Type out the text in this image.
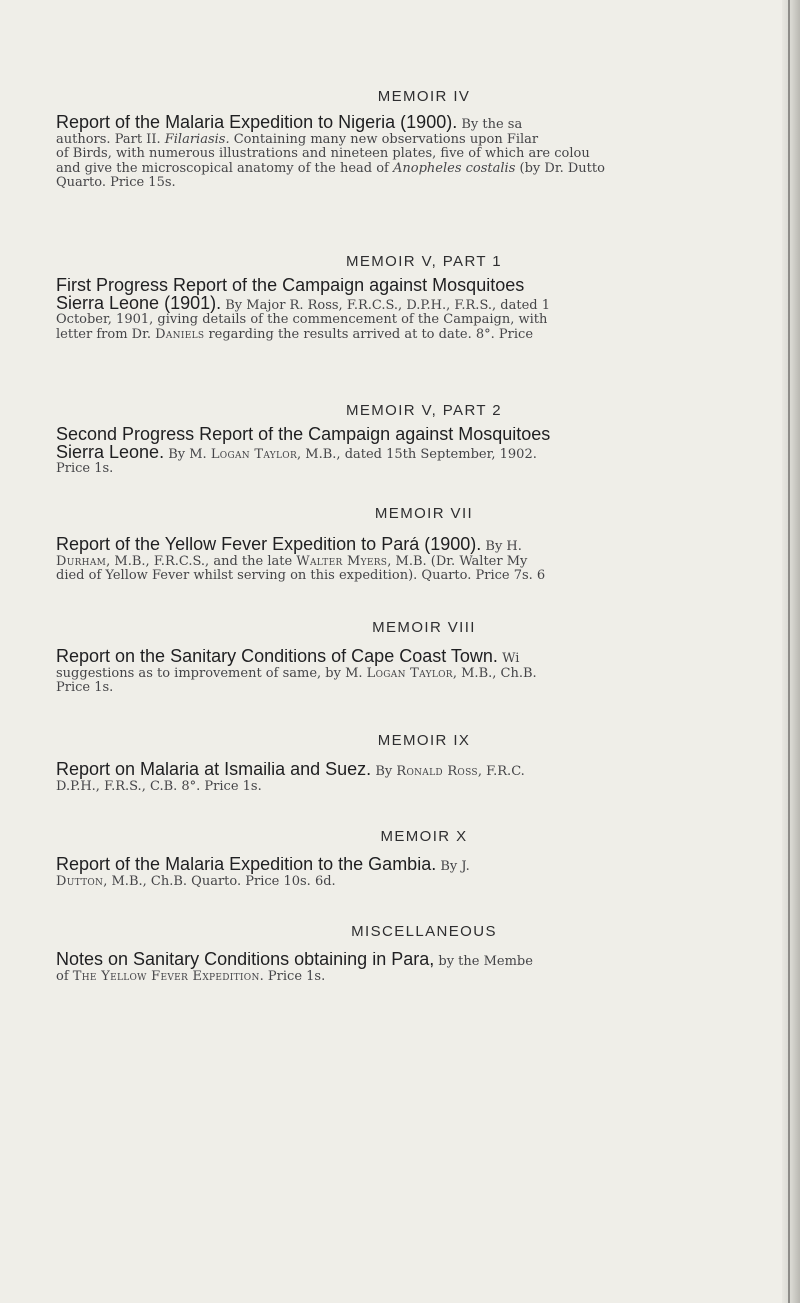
MEMOIR IV
Report of the Malaria Expedition to Nigeria (1900). By the sa
authors. Part II. Filariasis. Containing many new observations upon Filar
of Birds, with numerous illustrations and nineteen plates, five of which are colou
and give the microscopical anatomy of the head of Anopheles costalis (by Dr. Dutto
Quarto. Price 15s.
MEMOIR V, PART 1
First Progress Report of the Campaign against Mosquitoes
Sierra Leone (1901). By Major R. Ross, F.R.C.S., D.P.H., F.R.S., dated 1
October, 1901, giving details of the commencement of the Campaign, with
letter from Dr. Daniels regarding the results arrived at to date. 8°. Price
MEMOIR V, PART 2
Second Progress Report of the Campaign against Mosquitoes
Sierra Leone. By M. Logan Taylor, M.B., dated 15th September, 1902.
Price 1s.
MEMOIR VII
Report of the Yellow Fever Expedition to Pará (1900). By H.
Durham, M.B., F.R.C.S., and the late Walter Myers, M.B. (Dr. Walter My
died of Yellow Fever whilst serving on this expedition). Quarto. Price 7s. 6
MEMOIR VIII
Report on the Sanitary Conditions of Cape Coast Town. Wi
suggestions as to improvement of same, by M. Logan Taylor, M.B., Ch.B.
Price 1s.
MEMOIR IX
Report on Malaria at Ismailia and Suez. By Ronald Ross, F.R.C.
D.P.H., F.R.S., C.B. 8°. Price 1s.
MEMOIR X
Report of the Malaria Expedition to the Gambia. By J.
Dutton, M.B., Ch.B. Quarto. Price 10s. 6d.
MISCELLANEOUS
Notes on Sanitary Conditions obtaining in Para, by the Membe
of The Yellow Fever Expedition. Price 1s.
